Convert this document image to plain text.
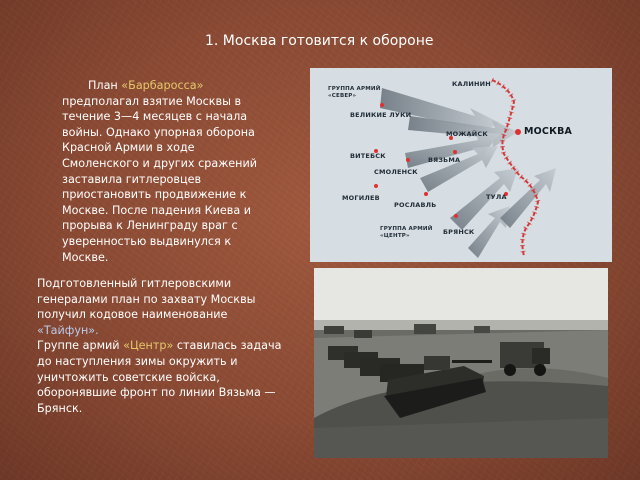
1. Москва готовится к обороне
План «Барбаросса» предполагал взятие Москвы в течение 3—4 месяцев с начала войны. Однако упорная оборона Красной Армии в ходе Смоленского и других сражений заставила гитлеровцев приостановить продвижение к Москве. После падения Киева и прорыва к Ленинграду враг с уверенностью выдвинулся к Москве.
ГРУППА АРМИЙ
«СЕВЕР»
КАЛИНИН
ВЕЛИКИЕ ЛУКИ
МОЖАЙСК	МОСКВА
ВИТЕБСК	ВЯЗЬМА
СМОЛЕНСК
ТУЛА
МОГИЛЕВ
РОСЛАВЛЬ
БРЯНСК
ГРУППА АРМИЙ
«ЦЕНТР»
Подготовленный гитлеровскими генералами план по захвату Москвы получил кодовое наименование «Тайфун».
Группе армий «Центр» ставилась задача до наступления зимы окружить и уничтожить советские войска, оборонявшие фронт по линии Вязьма — Брянск.
